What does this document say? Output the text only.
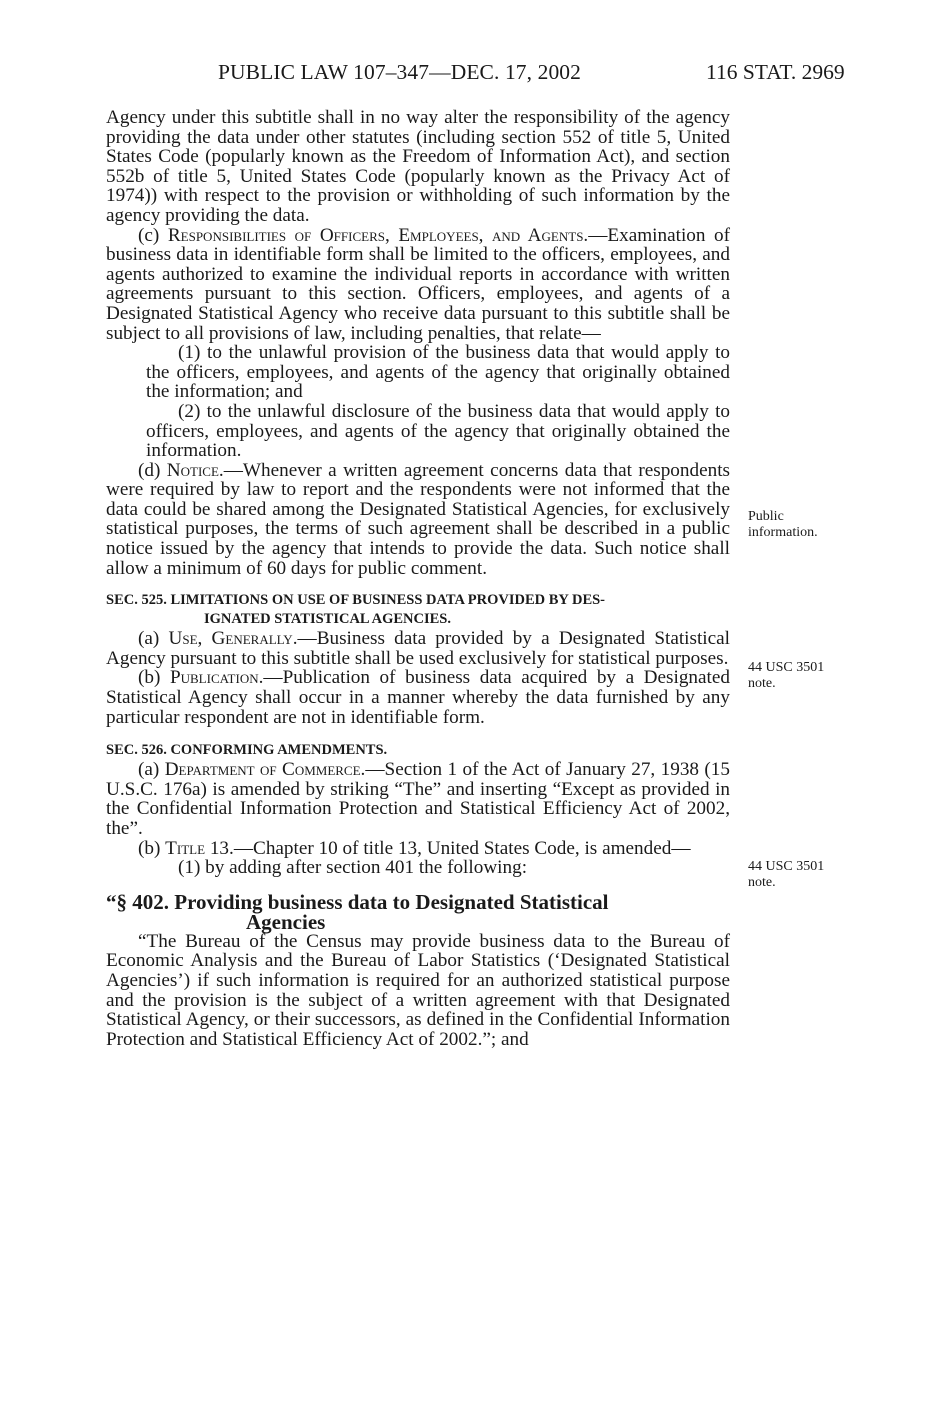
PUBLIC LAW 107–347—DEC. 17, 2002	116 STAT. 2969

Agency under this subtitle shall in no way alter the responsibility of the agency providing the data under other statutes (including section 552 of title 5, United States Code (popularly known as the Freedom of Information Act), and section 552b of title 5, United States Code (popularly known as the Privacy Act of 1974)) with respect to the provision or withholding of such information by the agency providing the data.

(c) Responsibilities of Officers, Employees, and Agents.—Examination of business data in identifiable form shall be limited to the officers, employees, and agents authorized to examine the individual reports in accordance with written agreements pursuant to this section. Officers, employees, and agents of a Designated Statistical Agency who receive data pursuant to this subtitle shall be subject to all provisions of law, including penalties, that relate—

(1) to the unlawful provision of the business data that would apply to the officers, employees, and agents of the agency that originally obtained the information; and

(2) to the unlawful disclosure of the business data that would apply to officers, employees, and agents of the agency that originally obtained the information.

(d) Notice.—Whenever a written agreement concerns data that respondents were required by law to report and the respondents were not informed that the data could be shared among the Designated Statistical Agencies, for exclusively statistical purposes, the terms of such agreement shall be described in a public notice issued by the agency that intends to provide the data. Such notice shall allow a minimum of 60 days for public comment.

SEC. 525. LIMITATIONS ON USE OF BUSINESS DATA PROVIDED BY DES-
IGNATED STATISTICAL AGENCIES.

(a) Use, Generally.—Business data provided by a Designated Statistical Agency pursuant to this subtitle shall be used exclusively for statistical purposes.

(b) Publication.—Publication of business data acquired by a Designated Statistical Agency shall occur in a manner whereby the data furnished by any particular respondent are not in identifiable form.

SEC. 526. CONFORMING AMENDMENTS.

(a) Department of Commerce.—Section 1 of the Act of January 27, 1938 (15 U.S.C. 176a) is amended by striking “The” and inserting “Except as provided in the Confidential Information Protection and Statistical Efficiency Act of 2002, the”.

(b) Title 13.—Chapter 10 of title 13, United States Code, is amended—

(1) by adding after section 401 the following:

“§ 402. Providing business data to Designated Statistical
Agencies

“The Bureau of the Census may provide business data to the Bureau of Economic Analysis and the Bureau of Labor Statistics (‘Designated Statistical Agencies’) if such information is required for an authorized statistical purpose and the provision is the subject of a written agreement with that Designated Statistical Agency, or their successors, as defined in the Confidential Information Protection and Statistical Efficiency Act of 2002.”; and

Public
information.
44 USC 3501
note.
44 USC 3501
note.
